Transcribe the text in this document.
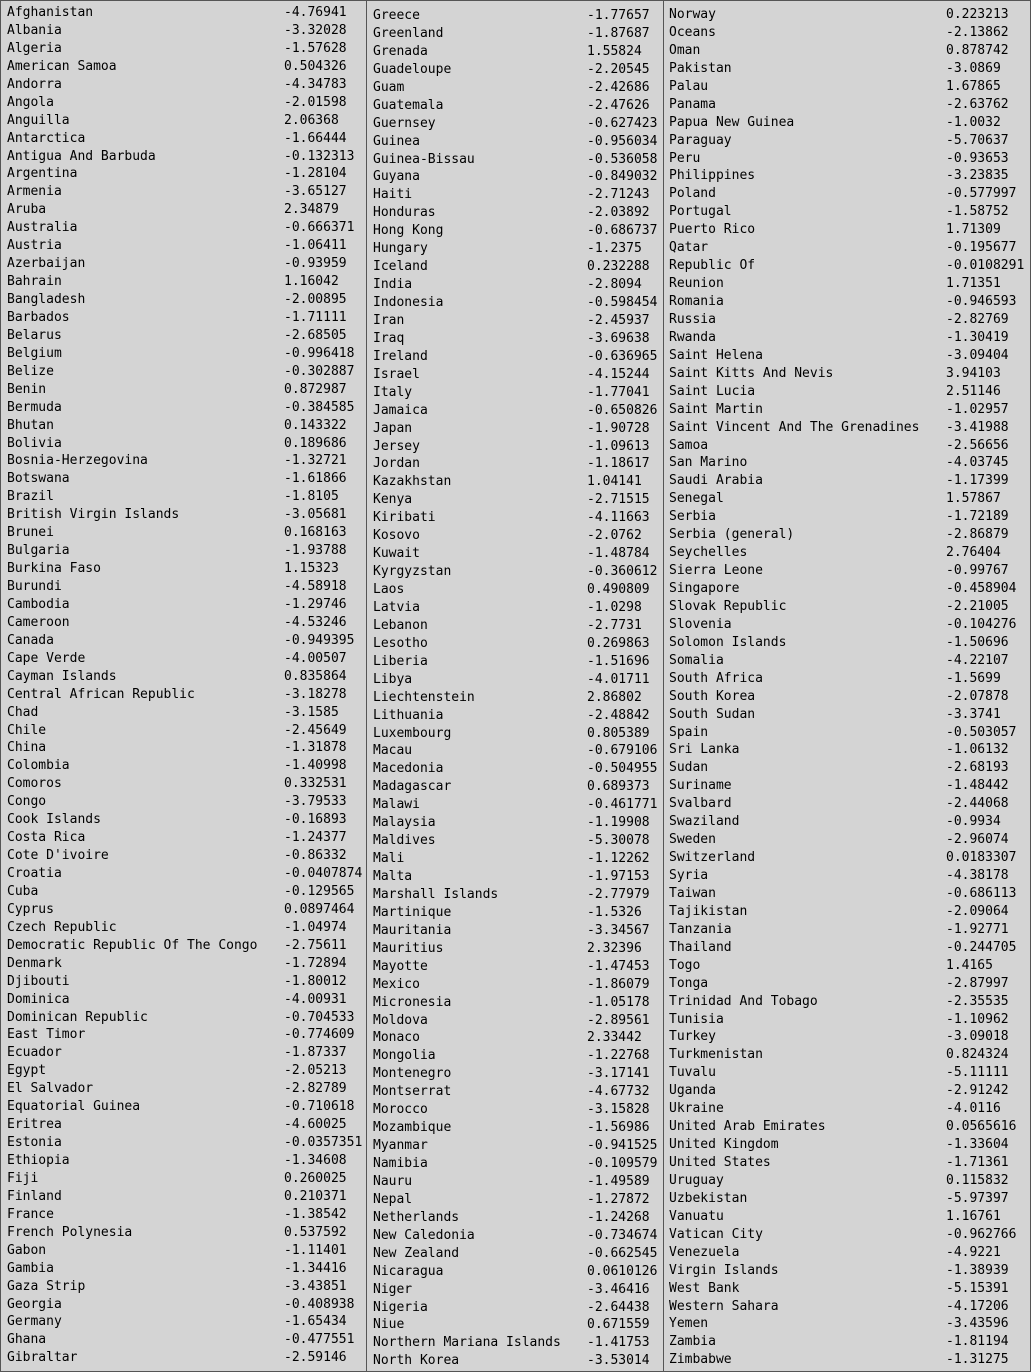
Afghanistan	-4.76941
Albania	-3.32028
Algeria	-1.57628
American Samoa	0.504326
Andorra	-4.34783
Angola	-2.01598
Anguilla	2.06368
Antarctica	-1.66444
Antigua And Barbuda	-0.132313
Argentina	-1.28104
Armenia	-3.65127
Aruba	2.34879
Australia	-0.666371
Austria	-1.06411
Azerbaijan	-0.93959
Bahrain	1.16042
Bangladesh	-2.00895
Barbados	-1.71111
Belarus	-2.68505
Belgium	-0.996418
Belize	-0.302887
Benin	0.872987
Bermuda	-0.384585
Bhutan	0.143322
Bolivia	0.189686
Bosnia-Herzegovina	-1.32721
Botswana	-1.61866
Brazil	-1.8105
British Virgin Islands	-3.05681
Brunei	0.168163
Bulgaria	-1.93788
Burkina Faso	1.15323
Burundi	-4.58918
Cambodia	-1.29746
Cameroon	-4.53246
Canada	-0.949395
Cape Verde	-4.00507
Cayman Islands	0.835864
Central African Republic	-3.18278
Chad	-3.1585
Chile	-2.45649
China	-1.31878
Colombia	-1.40998
Comoros	0.332531
Congo	-3.79533
Cook Islands	-0.16893
Costa Rica	-1.24377
Cote D'ivoire	-0.86332
Croatia	-0.0407874
Cuba	-0.129565
Cyprus	0.0897464
Czech Republic	-1.04974
Democratic Republic Of The Congo	-2.75611
Denmark	-1.72894
Djibouti	-1.80012
Dominica	-4.00931
Dominican Republic	-0.704533
East Timor	-0.774609
Ecuador	-1.87337
Egypt	-2.05213
El Salvador	-2.82789
Equatorial Guinea	-0.710618
Eritrea	-4.60025
Estonia	-0.0357351
Ethiopia	-1.34608
Fiji	0.260025
Finland	0.210371
France	-1.38542
French Polynesia	0.537592
Gabon	-1.11401
Gambia	-1.34416
Gaza Strip	-3.43851
Georgia	-0.408938
Germany	-1.65434
Ghana	-0.477551
Gibraltar	-2.59146
Greece	-1.77657
Greenland	-1.87687
Grenada	1.55824
Guadeloupe	-2.20545
Guam	-2.42686
Guatemala	-2.47626
Guernsey	-0.627423
Guinea	-0.956034
Guinea-Bissau	-0.536058
Guyana	-0.849032
Haiti	-2.71243
Honduras	-2.03892
Hong Kong	-0.686737
Hungary	-1.2375
Iceland	0.232288
India	-2.8094
Indonesia	-0.598454
Iran	-2.45937
Iraq	-3.69638
Ireland	-0.636965
Israel	-4.15244
Italy	-1.77041
Jamaica	-0.650826
Japan	-1.90728
Jersey	-1.09613
Jordan	-1.18617
Kazakhstan	1.04141
Kenya	-2.71515
Kiribati	-4.11663
Kosovo	-2.0762
Kuwait	-1.48784
Kyrgyzstan	-0.360612
Laos	0.490809
Latvia	-1.0298
Lebanon	-2.7731
Lesotho	0.269863
Liberia	-1.51696
Libya	-4.01711
Liechtenstein	2.86802
Lithuania	-2.48842
Luxembourg	0.805389
Macau	-0.679106
Macedonia	-0.504955
Madagascar	0.689373
Malawi	-0.461771
Malaysia	-1.19908
Maldives	-5.30078
Mali	-1.12262
Malta	-1.97153
Marshall Islands	-2.77979
Martinique	-1.5326
Mauritania	-3.34567
Mauritius	2.32396
Mayotte	-1.47453
Mexico	-1.86079
Micronesia	-1.05178
Moldova	-2.89561
Monaco	2.33442
Mongolia	-1.22768
Montenegro	-3.17141
Montserrat	-4.67732
Morocco	-3.15828
Mozambique	-1.56986
Myanmar	-0.941525
Namibia	-0.109579
Nauru	-1.49589
Nepal	-1.27872
Netherlands	-1.24268
New Caledonia	-0.734674
New Zealand	-0.662545
Nicaragua	0.0610126
Niger	-3.46416
Nigeria	-2.64438
Niue	0.671559
Northern Mariana Islands	-1.41753
North Korea	-3.53014
Norway	0.223213
Oceans	-2.13862
Oman	0.878742
Pakistan	-3.0869
Palau	1.67865
Panama	-2.63762
Papua New Guinea	-1.0032
Paraguay	-5.70637
Peru	-0.93653
Philippines	-3.23835
Poland	-0.577997
Portugal	-1.58752
Puerto Rico	1.71309
Qatar	-0.195677
Republic Of	-0.0108291
Reunion	1.71351
Romania	-0.946593
Russia	-2.82769
Rwanda	-1.30419
Saint Helena	-3.09404
Saint Kitts And Nevis	3.94103
Saint Lucia	2.51146
Saint Martin	-1.02957
Saint Vincent And The Grenadines	-3.41988
Samoa	-2.56656
San Marino	-4.03745
Saudi Arabia	-1.17399
Senegal	1.57867
Serbia	-1.72189
Serbia (general)	-2.86879
Seychelles	2.76404
Sierra Leone	-0.99767
Singapore	-0.458904
Slovak Republic	-2.21005
Slovenia	-0.104276
Solomon Islands	-1.50696
Somalia	-4.22107
South Africa	-1.5699
South Korea	-2.07878
South Sudan	-3.3741
Spain	-0.503057
Sri Lanka	-1.06132
Sudan	-2.68193
Suriname	-1.48442
Svalbard	-2.44068
Swaziland	-0.9934
Sweden	-2.96074
Switzerland	0.0183307
Syria	-4.38178
Taiwan	-0.686113
Tajikistan	-2.09064
Tanzania	-1.92771
Thailand	-0.244705
Togo	1.4165
Tonga	-2.87997
Trinidad And Tobago	-2.35535
Tunisia	-1.10962
Turkey	-3.09018
Turkmenistan	0.824324
Tuvalu	-5.11111
Uganda	-2.91242
Ukraine	-4.0116
United Arab Emirates	0.0565616
United Kingdom	-1.33604
United States	-1.71361
Uruguay	0.115832
Uzbekistan	-5.97397
Vanuatu	1.16761
Vatican City	-0.962766
Venezuela	-4.9221
Virgin Islands	-1.38939
West Bank	-5.15391
Western Sahara	-4.17206
Yemen	-3.43596
Zambia	-1.81194
Zimbabwe	-1.31275
